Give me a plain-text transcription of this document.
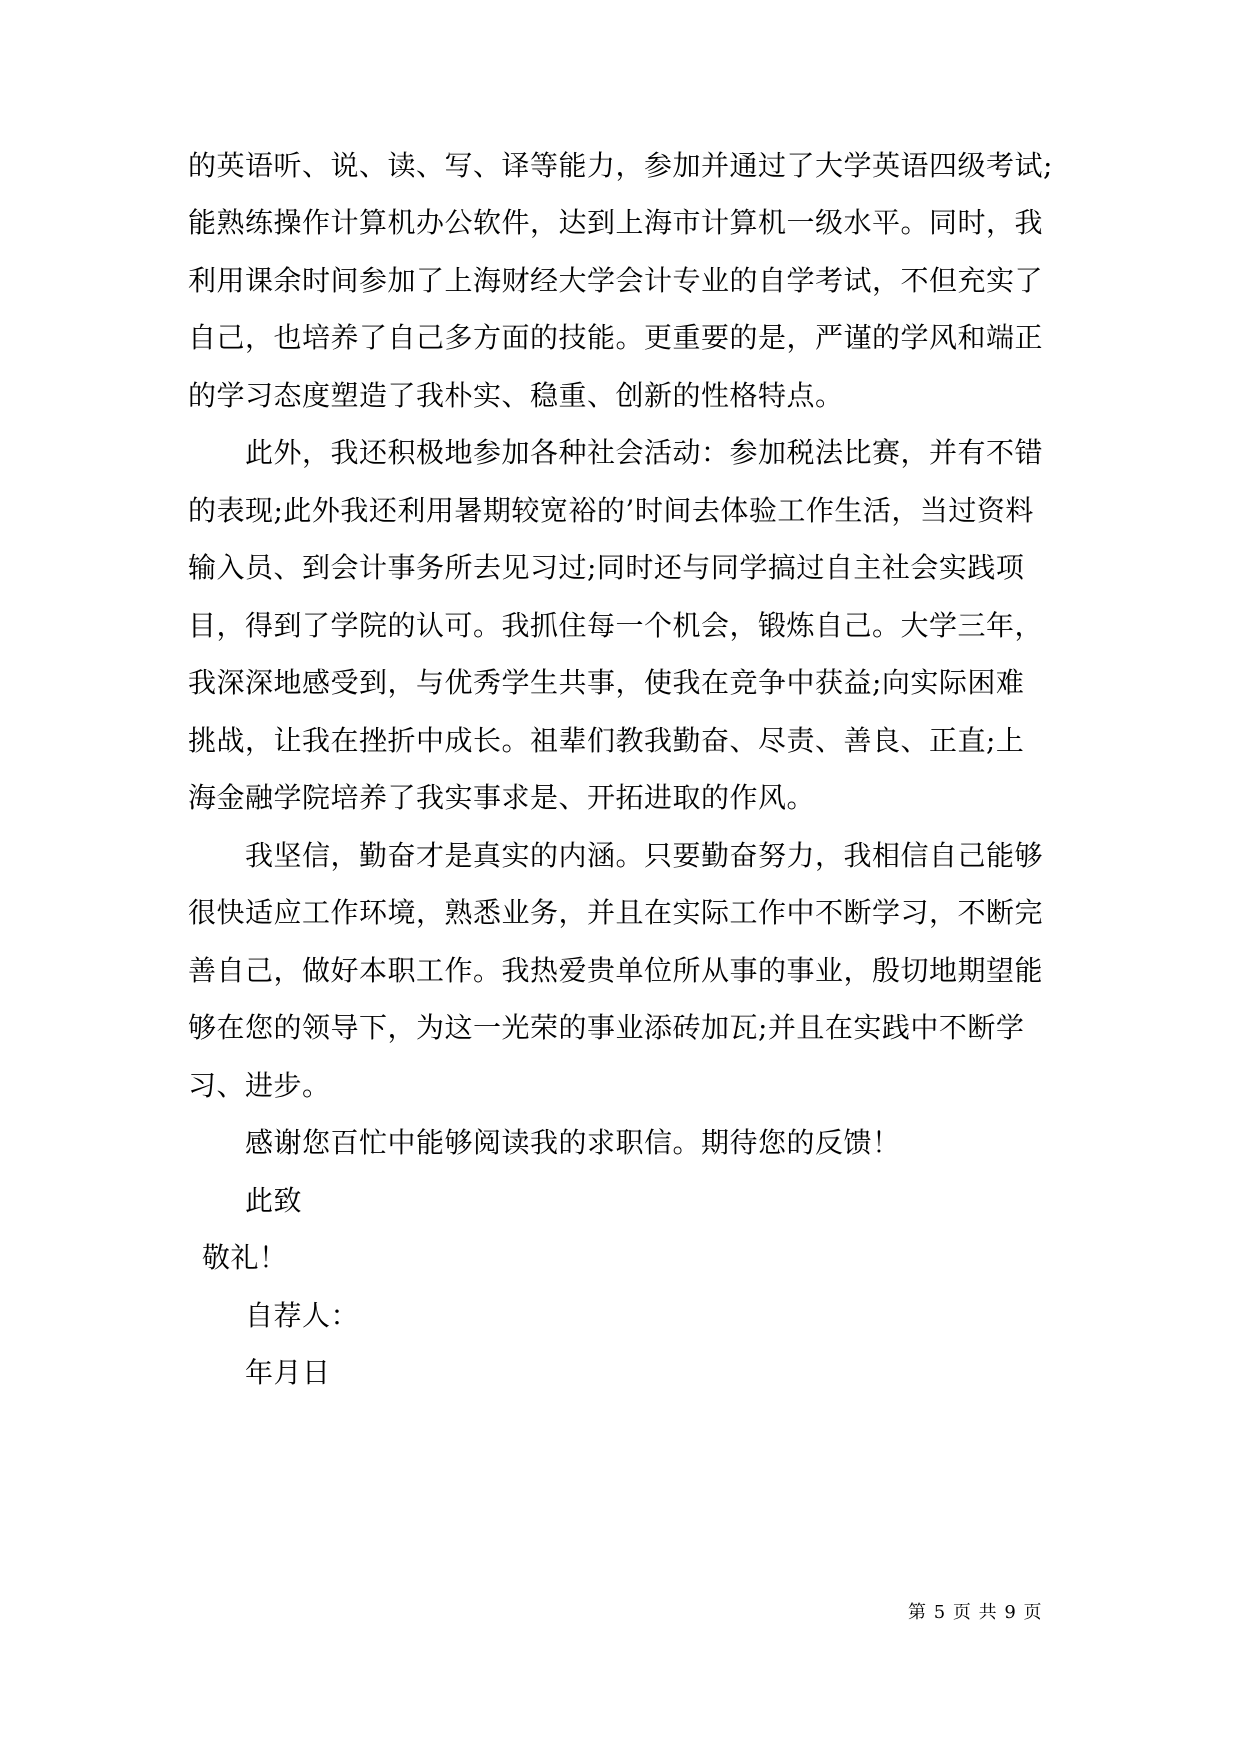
的英语听、说、读、写、译等能力，参加并通过了大学英语四级考试;
能熟练操作计算机办公软件，达到上海市计算机一级水平。同时，我
利用课余时间参加了上海财经大学会计专业的自学考试，不但充实了
自己，也培养了自己多方面的技能。更重要的是，严谨的学风和端正
的学习态度塑造了我朴实、稳重、创新的性格特点。
此外，我还积极地参加各种社会活动：参加税法比赛，并有不错
的表现;此外我还利用暑期较宽裕的’时间去体验工作生活，当过资料
输入员、到会计事务所去见习过;同时还与同学搞过自主社会实践项
目，得到了学院的认可。我抓住每一个机会，锻炼自己。大学三年，
我深深地感受到，与优秀学生共事，使我在竞争中获益;向实际困难
挑战，让我在挫折中成长。祖辈们教我勤奋、尽责、善良、正直;上
海金融学院培养了我实事求是、开拓进取的作风。
我坚信，勤奋才是真实的内涵。只要勤奋努力，我相信自己能够
很快适应工作环境，熟悉业务，并且在实际工作中不断学习，不断完
善自己，做好本职工作。我热爱贵单位所从事的事业，殷切地期望能
够在您的领导下，为这一光荣的事业添砖加瓦;并且在实践中不断学
习、进步。
感谢您百忙中能够阅读我的求职信。期待您的反馈！
此致
敬礼！
自荐人：
年月日
第 5 页 共 9 页
